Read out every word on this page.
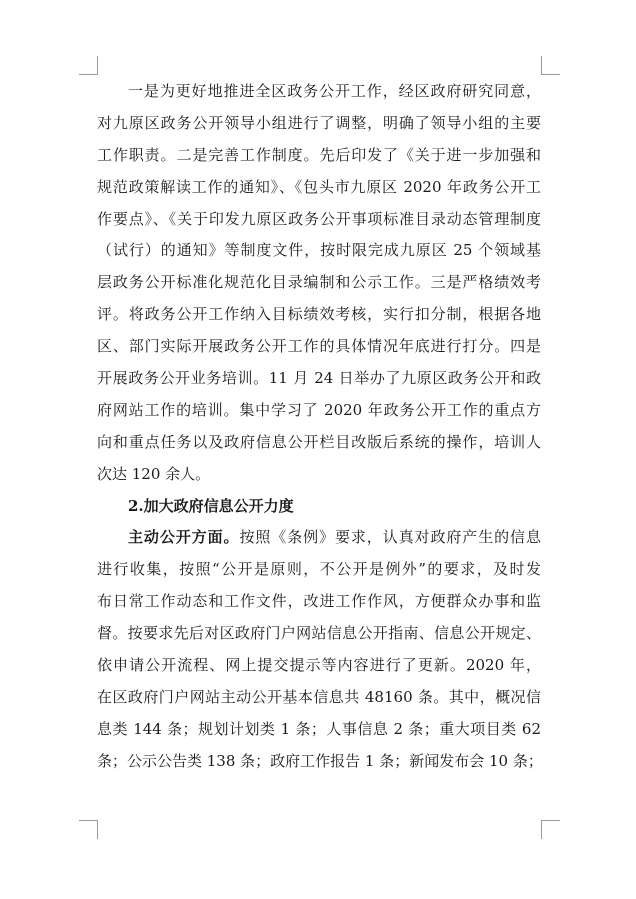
一是为更好地推进全区政务公开工作，经区政府研究同意，
对九原区政务公开领导小组进行了调整，明确了领导小组的主要
工作职责。二是完善工作制度。先后印发了《关于进一步加强和
规范政策解读工作的通知》、《包头市九原区 2020 年政务公开工
作要点》、《关于印发九原区政务公开事项标准目录动态管理制度
（试行）的通知》等制度文件，按时限完成九原区 25 个领域基
层政务公开标准化规范化目录编制和公示工作。三是严格绩效考
评。将政务公开工作纳入目标绩效考核，实行扣分制，根据各地
区、部门实际开展政务公开工作的具体情况年底进行打分。四是
开展政务公开业务培训。11 月 24 日举办了九原区政务公开和政
府网站工作的培训。集中学习了 2020 年政务公开工作的重点方
向和重点任务以及政府信息公开栏目改版后系统的操作，培训人
次达 120 余人。
2.加大政府信息公开力度
主动公开方面。按照《条例》要求，认真对政府产生的信息
进行收集，按照“公开是原则，不公开是例外”的要求，及时发
布日常工作动态和工作文件，改进工作作风，方便群众办事和监
督。按要求先后对区政府门户网站信息公开指南、信息公开规定、
依申请公开流程、网上提交提示等内容进行了更新。2020 年，
在区政府门户网站主动公开基本信息共 48160 条。其中，概况信
息类 144 条；规划计划类 1 条；人事信息 2 条；重大项目类 62
条；公示公告类 138 条；政府工作报告 1 条；新闻发布会 10 条；
